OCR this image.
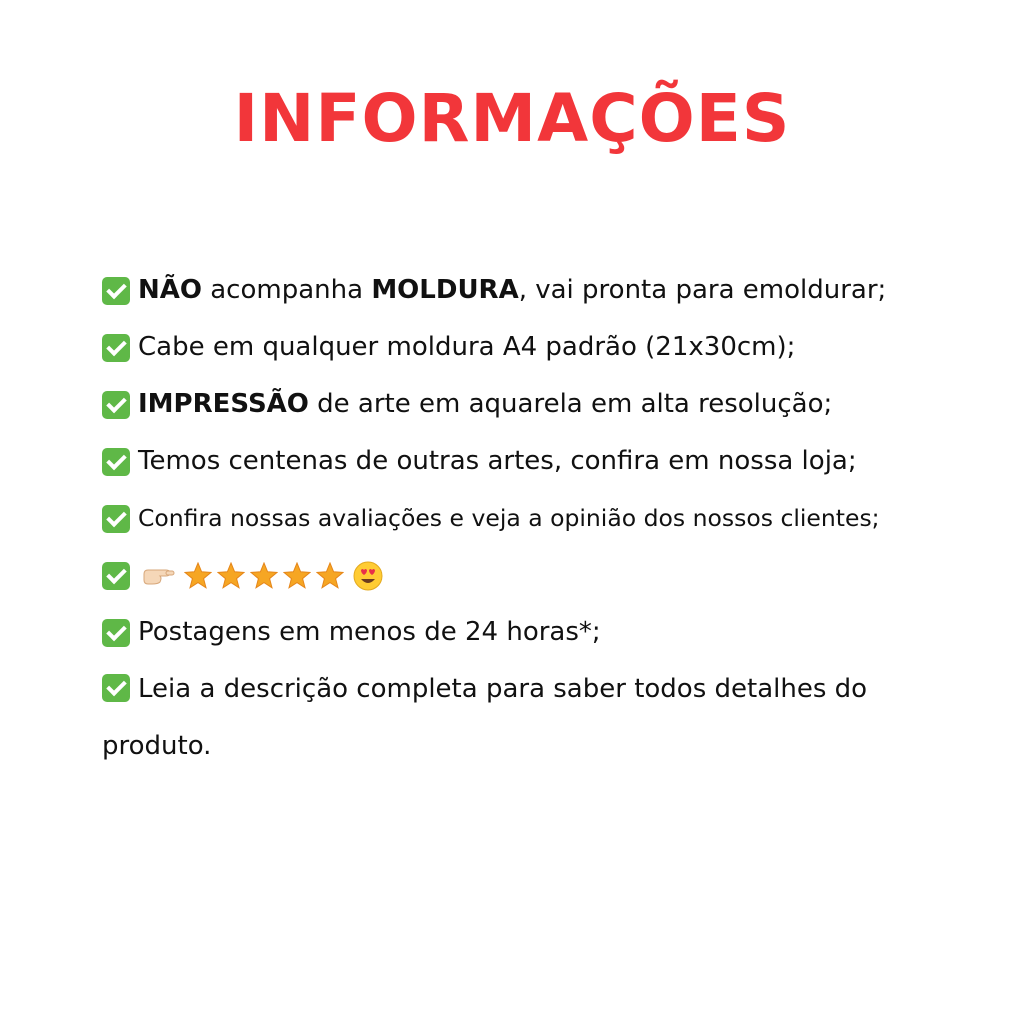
INFORMAÇÕES
NÃO acompanha MOLDURA, vai pronta para emoldurar;
Cabe em qualquer moldura A4 padrão (21x30cm);
IMPRESSÃO de arte em aquarela em alta resolução;
Temos centenas de outras artes, confira em nossa loja;
Confira nossas avaliações e veja a opinião dos nossos clientes;
Postagens em menos de 24 horas*;
Leia a descrição completa para saber todos detalhes do produto.
